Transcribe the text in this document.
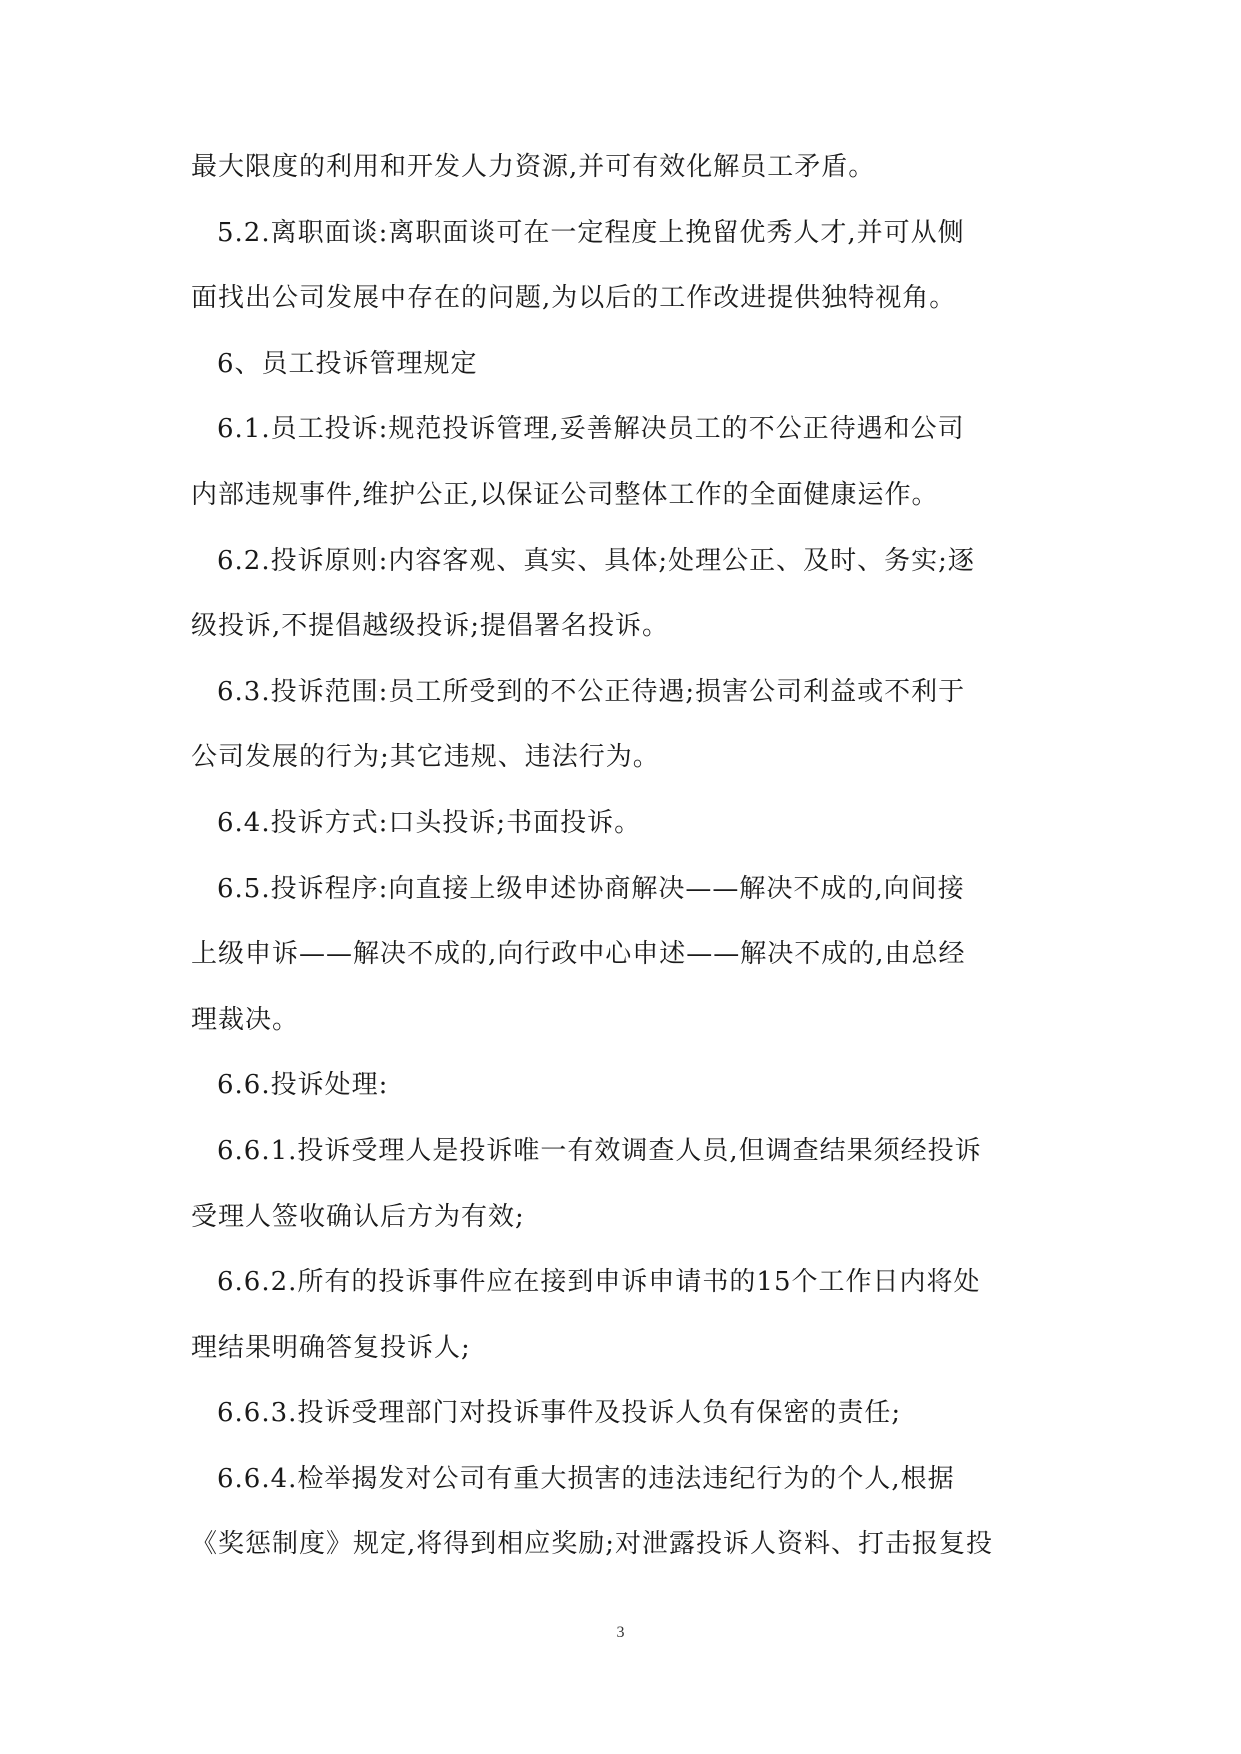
最大限度的利用和开发人力资源,并可有效化解员工矛盾。

5.2.离职面谈:离职面谈可在一定程度上挽留优秀人才,并可从侧

面找出公司发展中存在的问题,为以后的工作改进提供独特视角。

6、员工投诉管理规定

6.1.员工投诉:规范投诉管理,妥善解决员工的不公正待遇和公司

内部违规事件,维护公正,以保证公司整体工作的全面健康运作。

6.2.投诉原则:内容客观、真实、具体;处理公正、及时、务实;逐

级投诉,不提倡越级投诉;提倡署名投诉。

6.3.投诉范围:员工所受到的不公正待遇;损害公司利益或不利于

公司发展的行为;其它违规、违法行为。

6.4.投诉方式:口头投诉;书面投诉。

6.5.投诉程序:向直接上级申述协商解决——解决不成的,向间接

上级申诉——解决不成的,向行政中心申述——解决不成的,由总经

理裁决。

6.6.投诉处理:

6.6.1.投诉受理人是投诉唯一有效调查人员,但调查结果须经投诉

受理人签收确认后方为有效;

6.6.2.所有的投诉事件应在接到申诉申请书的15个工作日内将处

理结果明确答复投诉人;

6.6.3.投诉受理部门对投诉事件及投诉人负有保密的责任;

6.6.4.检举揭发对公司有重大损害的违法违纪行为的个人,根据

《奖惩制度》规定,将得到相应奖励;对泄露投诉人资料、打击报复投

3
